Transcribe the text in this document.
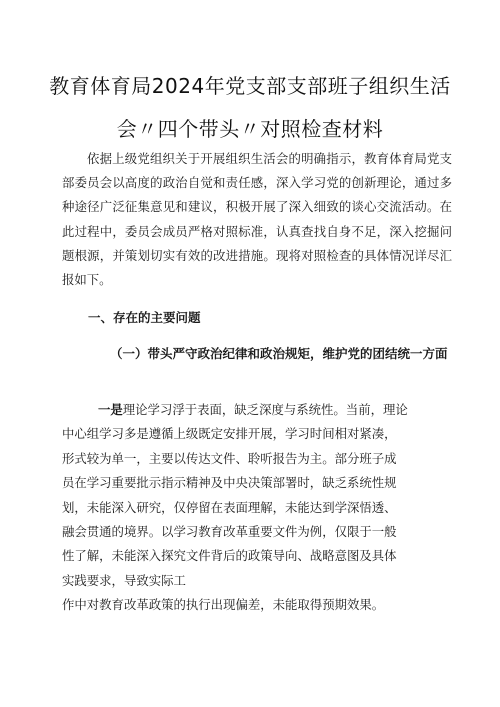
教育体育局2024年党支部支部班子组织生活
会〃四个带头〃对照检查材料

依据上级党组织关于开展组织生活会的明确指示，教育体育局党支部委员会以高度的政治自觉和责任感，深入学习党的创新理论，通过多种途径广泛征集意见和建议，积极开展了深入细致的谈心交流活动。在此过程中，委员会成员严格对照标准，认真查找自身不足，深入挖掘问题根源，并策划切实有效的改进措施。现将对照检查的具体情况详尽汇报如下。

一、存在的主要问题

（一）带头严守政治纪律和政治规矩，维护党的团结统一方面

一是理论学习浮于表面，缺乏深度与系统性。当前，理论
中心组学习多是遵循上级既定安排开展，学习时间相对紧凑，
形式较为单一，主要以传达文件、聆听报告为主。部分班子成
员在学习重要批示指示精神及中央决策部署时，缺乏系统性规
划，未能深入研究，仅停留在表面理解，未能达到学深悟透、
融会贯通的境界。以学习教育改革重要文件为例，仅限于一般
性了解，未能深入探究文件背后的政策导向、战略意图及具体
实践要求，导致实际工
作中对教育改革政策的执行出现偏差，未能取得预期效果。
